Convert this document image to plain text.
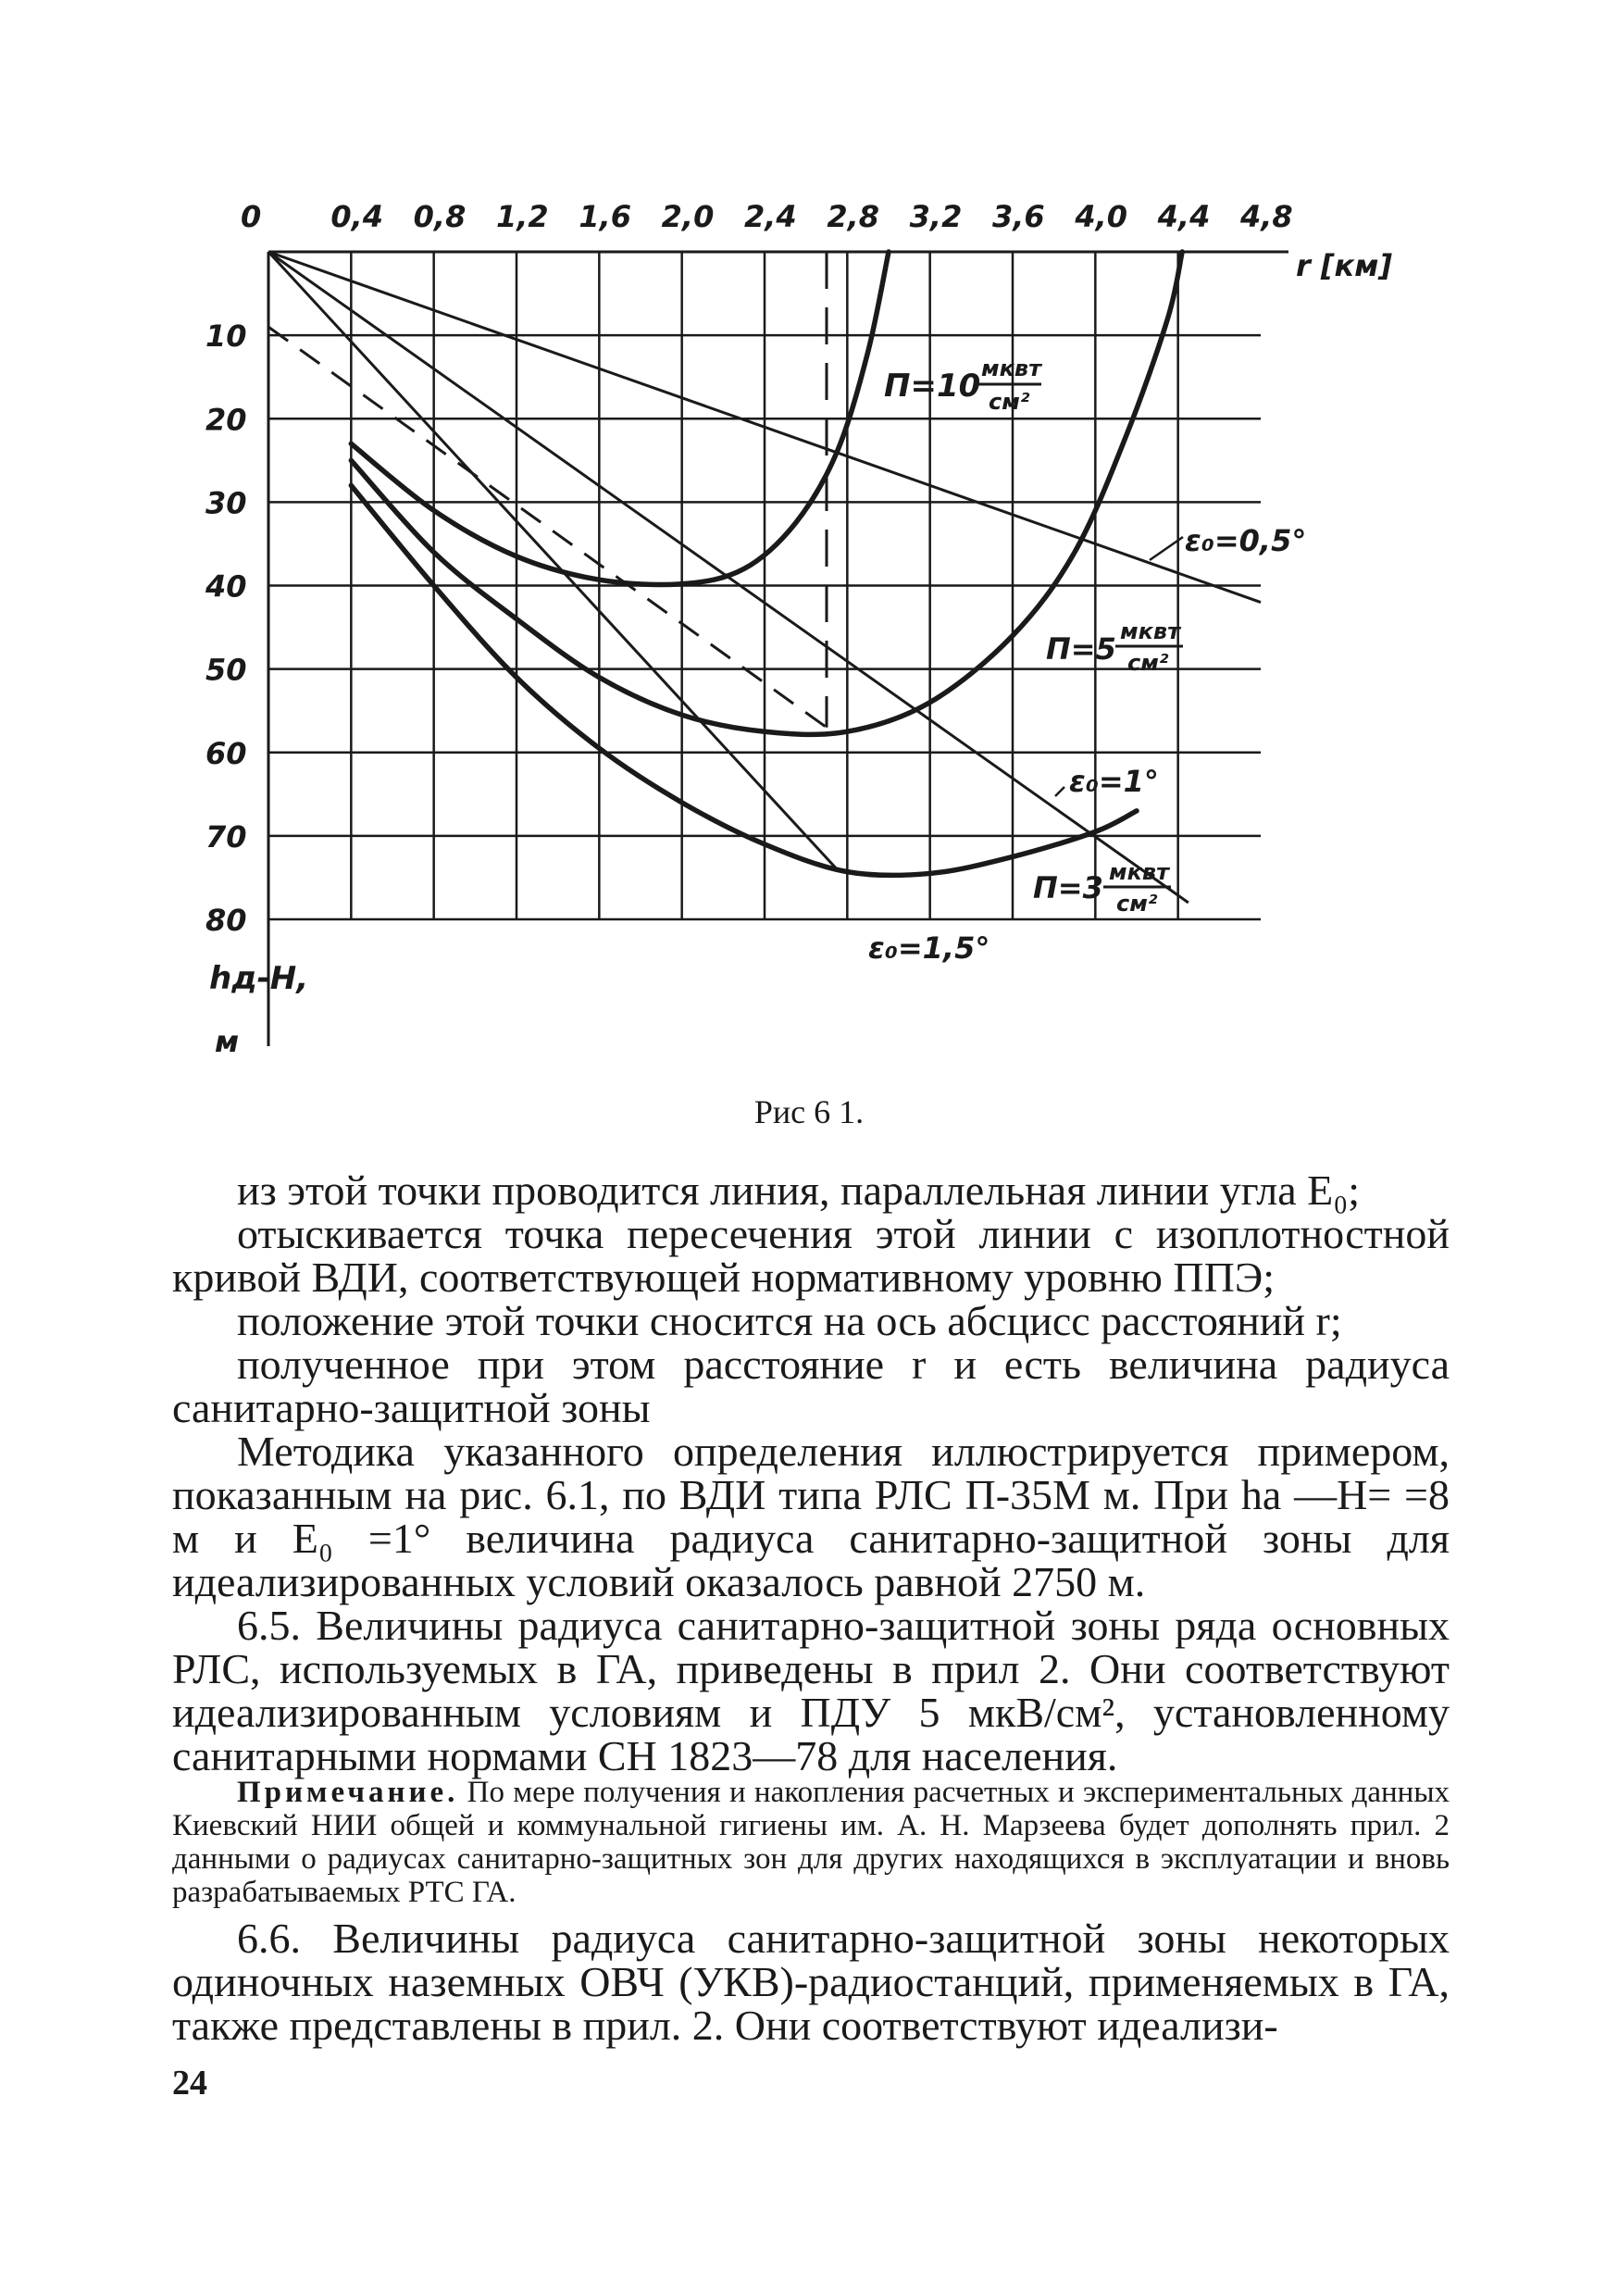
0 0,4 0,8 1,2 1,6 2,0 2,4 2,8 3,2 3,6 4,0 4,4 4,8
10
20
30
40
50
60
70
80
П=10 мквт
см²
П=5 мквт
см²
П=3 мквт
см²
ε₀=0,5°
ε₀=1°
ε₀=1,5°
r [км]
hд-H,
м
Рис 6 1.

из этой точки проводится линия, параллельная линии угла Е₀;

отыскивается точка пересечения этой линии с изоплотностной кривой ВДИ, соответствующей нормативному уровню ППЭ;

положение этой точки сносится на ось абсцисс расстояний r;

полученное при этом расстояние r и есть величина радиуса санитарно-защитной зоны

Методика указанного определения иллюстрируется примером, показанным на рис. 6.1, по ВДИ типа РЛС П-35М м. При hа —H= =8 м и Е₀ =1° величина радиуса санитарно-защитной зоны для идеализированных условий оказалось равной 2750 м.

6.5. Величины радиуса санитарно-защитной зоны ряда основных РЛС, используемых в ГА, приведены в прил 2. Они соответствуют идеализированным условиям и ПДУ 5 мкВ/см², установленному санитарными нормами СН 1823—78 для населения.

Примечание. По мере получения и накопления расчетных и экспериментальных данных Киевский НИИ общей и коммунальной гигиены им. А. Н. Марзеева будет дополнять прил. 2 данными о радиусах санитарно-защитных зон для других находящихся в эксплуатации и вновь разрабатываемых РТС ГА.

6.6. Величины радиуса санитарно-защитной зоны некоторых одиночных наземных ОВЧ (УКВ)-радиостанций, применяемых в ГА, также представлены в прил. 2. Они соответствуют идеализи-

24
